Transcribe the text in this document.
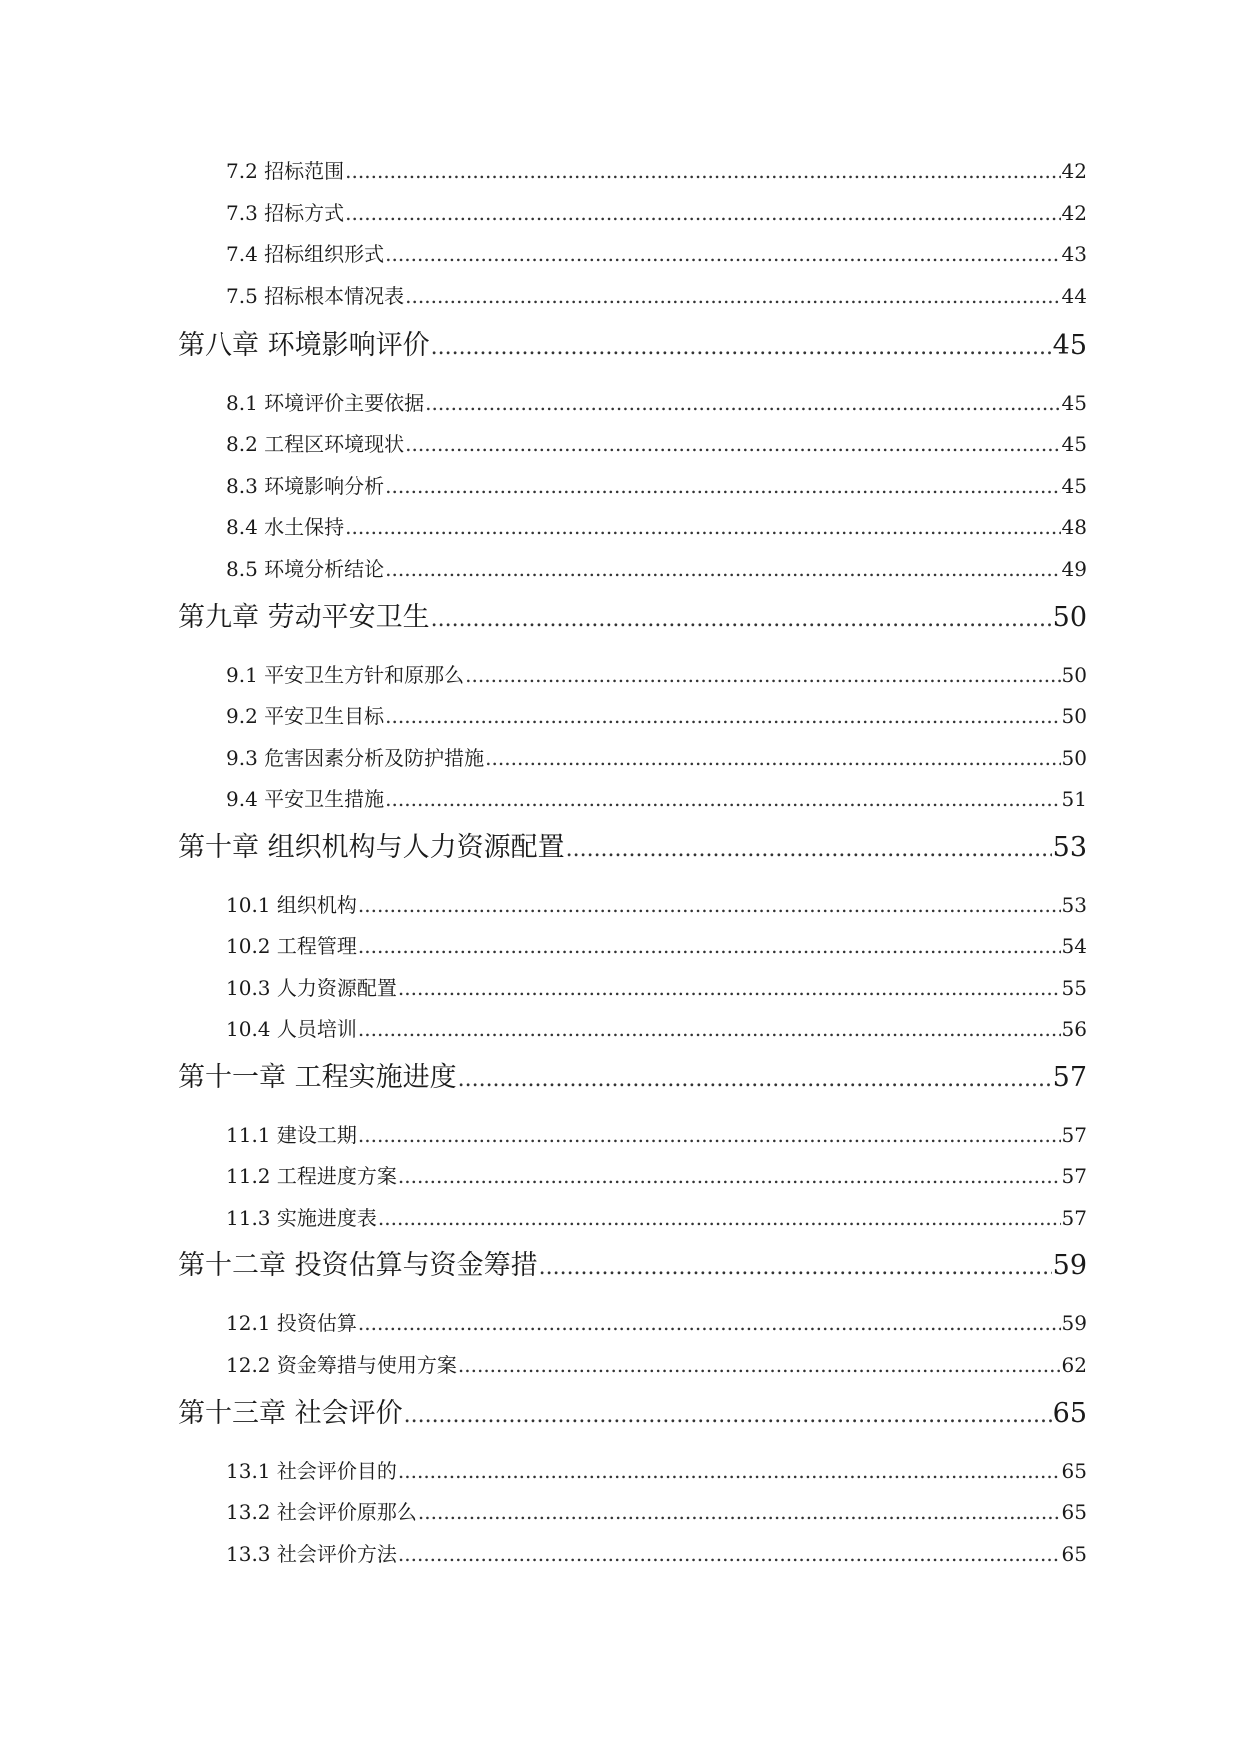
7.2 招标范围 .....	42
7.3 招标方式 .....	42
7.4 招标组织形式 .....	43
7.5 招标根本情况表 .....	44
第八章 环境影响评价 .....	45
8.1 环境评价主要依据 .....	45
8.2 工程区环境现状 .....	45
8.3 环境影响分析 .....	45
8.4 水土保持 .....	48
8.5 环境分析结论 .....	49
第九章 劳动平安卫生 .....	50
9.1 平安卫生方针和原那么 .....	50
9.2 平安卫生目标 .....	50
9.3 危害因素分析及防护措施 .....	50
9.4 平安卫生措施 .....	51
第十章 组织机构与人力资源配置 .....	53
10.1 组织机构 .....	53
10.2 工程管理 .....	54
10.3 人力资源配置 .....	55
10.4 人员培训 .....	56
第十一章 工程实施进度 .....	57
11.1 建设工期 .....	57
11.2 工程进度方案 .....	57
11.3 实施进度表 .....	57
第十二章 投资估算与资金筹措 .....	59
12.1 投资估算 .....	59
12.2 资金筹措与使用方案 .....	62
第十三章 社会评价 .....	65
13.1 社会评价目的 .....	65
13.2 社会评价原那么 .....	65
13.3 社会评价方法 .....	65
